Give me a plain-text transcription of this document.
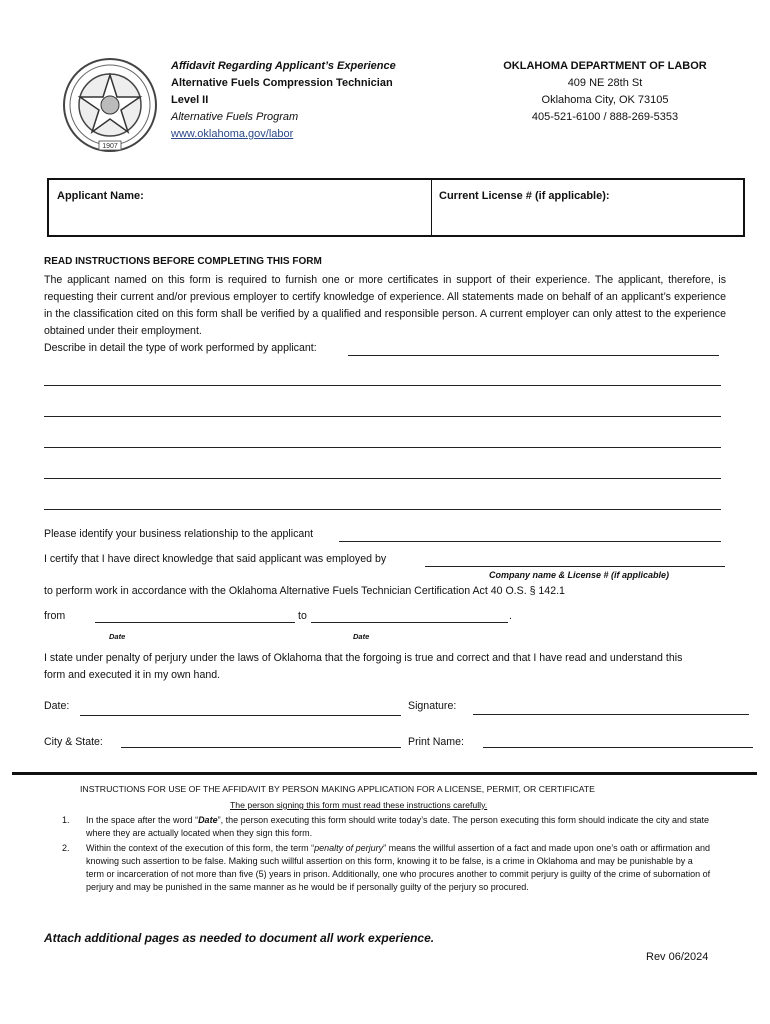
1907
Affidavit Regarding Applicant’s Experience
Alternative Fuels Compression Technician
Level II
Alternative Fuels Program
www.oklahoma.gov/labor
OKLAHOMA DEPARTMENT OF LABOR
409 NE 28th St
Oklahoma City, OK 73105
405-521-6100 / 888-269-5353
Applicant Name:	Current License # (if applicable):
READ INSTRUCTIONS BEFORE COMPLETING THIS FORM
The applicant named on this form is required to furnish one or more certificates in support of their experience. The applicant, therefore, is requesting their current and/or previous employer to certify knowledge of experience. All statements made on behalf of an applicant’s experience in the classification cited on this form shall be verified by a qualified and responsible person. A current employer can only attest to the experience obtained under their employment.
Describe in detail the type of work performed by applicant:
Please identify your business relationship to the applicant
I certify that I have direct knowledge that said applicant was employed by
Company name & License # (if applicable)
to perform work in accordance with the Oklahoma Alternative Fuels Technician Certification Act 40 O.S. § 142.1
from	to	.
Date	Date
I state under penalty of perjury under the laws of Oklahoma that the forgoing is true and correct and that I have read and understand this form and executed it in my own hand.
Date:	Signature:
City & State:	Print Name:
INSTRUCTIONS FOR USE OF THE AFFIDAVIT BY PERSON MAKING APPLICATION FOR A LICENSE, PERMIT, OR CERTIFICATE
The person signing this form must read these instructions carefully.
1.	In the space after the word “Date”, the person executing this form should write today’s date. The person executing this form should indicate the city and state where they are actually located when they sign this form.
2.	Within the context of the execution of this form, the term “penalty of perjury” means the willful assertion of a fact and made upon one’s oath or affirmation and knowing such assertion to be false. Making such willful assertion on this form, knowing it to be false, is a crime in Oklahoma and may be punishable by a term or incarceration of not more than five (5) years in prison. Additionally, one who procures another to commit perjury is guilty of the crime of subornation of perjury and may be punished in the same manner as he would be if personally guilty of the perjury so procured.
Attach additional pages as needed to document all work experience.
Rev 06/2024
